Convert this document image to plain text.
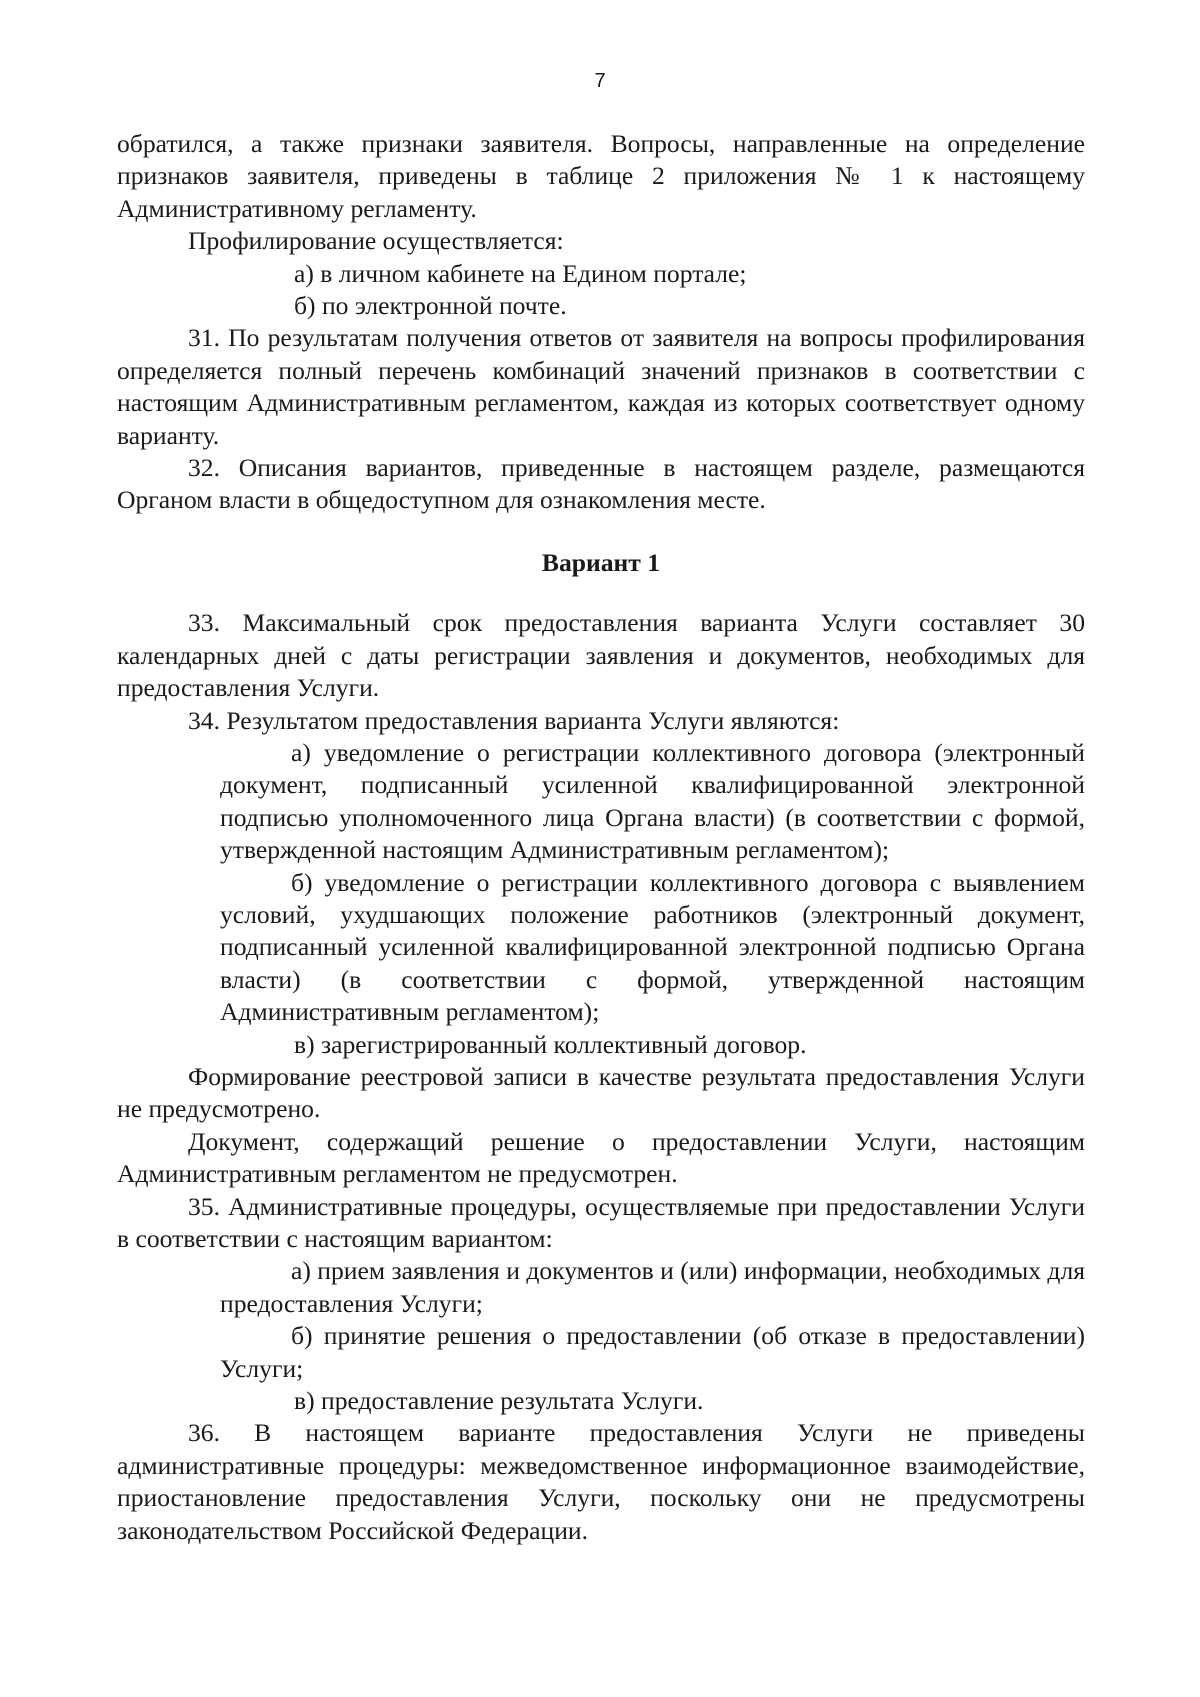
7

обратился, а также признаки заявителя. Вопросы, направленные на определение признаков заявителя, приведены в таблице 2 приложения № 1 к настоящему Административному регламенту.

Профилирование осуществляется:

а) в личном кабинете на Едином портале;

б) по электронной почте.

31. По результатам получения ответов от заявителя на вопросы профилирования определяется полный перечень комбинаций значений признаков в соответствии с настоящим Административным регламентом, каждая из которых соответствует одному варианту.

32. Описания вариантов, приведенные в настоящем разделе, размещаются Органом власти в общедоступном для ознакомления месте.

Вариант 1

33. Максимальный срок предоставления варианта Услуги составляет 30 календарных дней с даты регистрации заявления и документов, необходимых для предоставления Услуги.

34. Результатом предоставления варианта Услуги являются:

а) уведомление о регистрации коллективного договора (электронный документ, подписанный усиленной квалифицированной электронной подписью уполномоченного лица Органа власти) (в соответствии с формой, утвержденной настоящим Административным регламентом);

б) уведомление о регистрации коллективного договора с выявлением условий, ухудшающих положение работников (электронный документ, подписанный усиленной квалифицированной электронной подписью Органа власти) (в соответствии с формой, утвержденной настоящим Административным регламентом);

в) зарегистрированный коллективный договор.

Формирование реестровой записи в качестве результата предоставления Услуги не предусмотрено.

Документ, содержащий решение о предоставлении Услуги, настоящим Административным регламентом не предусмотрен.

35. Административные процедуры, осуществляемые при предоставлении Услуги в соответствии с настоящим вариантом:

а) прием заявления и документов и (или) информации, необходимых для предоставления Услуги;

б) принятие решения о предоставлении (об отказе в предоставлении) Услуги;

в) предоставление результата Услуги.

36. В настоящем варианте предоставления Услуги не приведены административные процедуры: межведомственное информационное взаимодействие, приостановление предоставления Услуги, поскольку они не предусмотрены законодательством Российской Федерации.
